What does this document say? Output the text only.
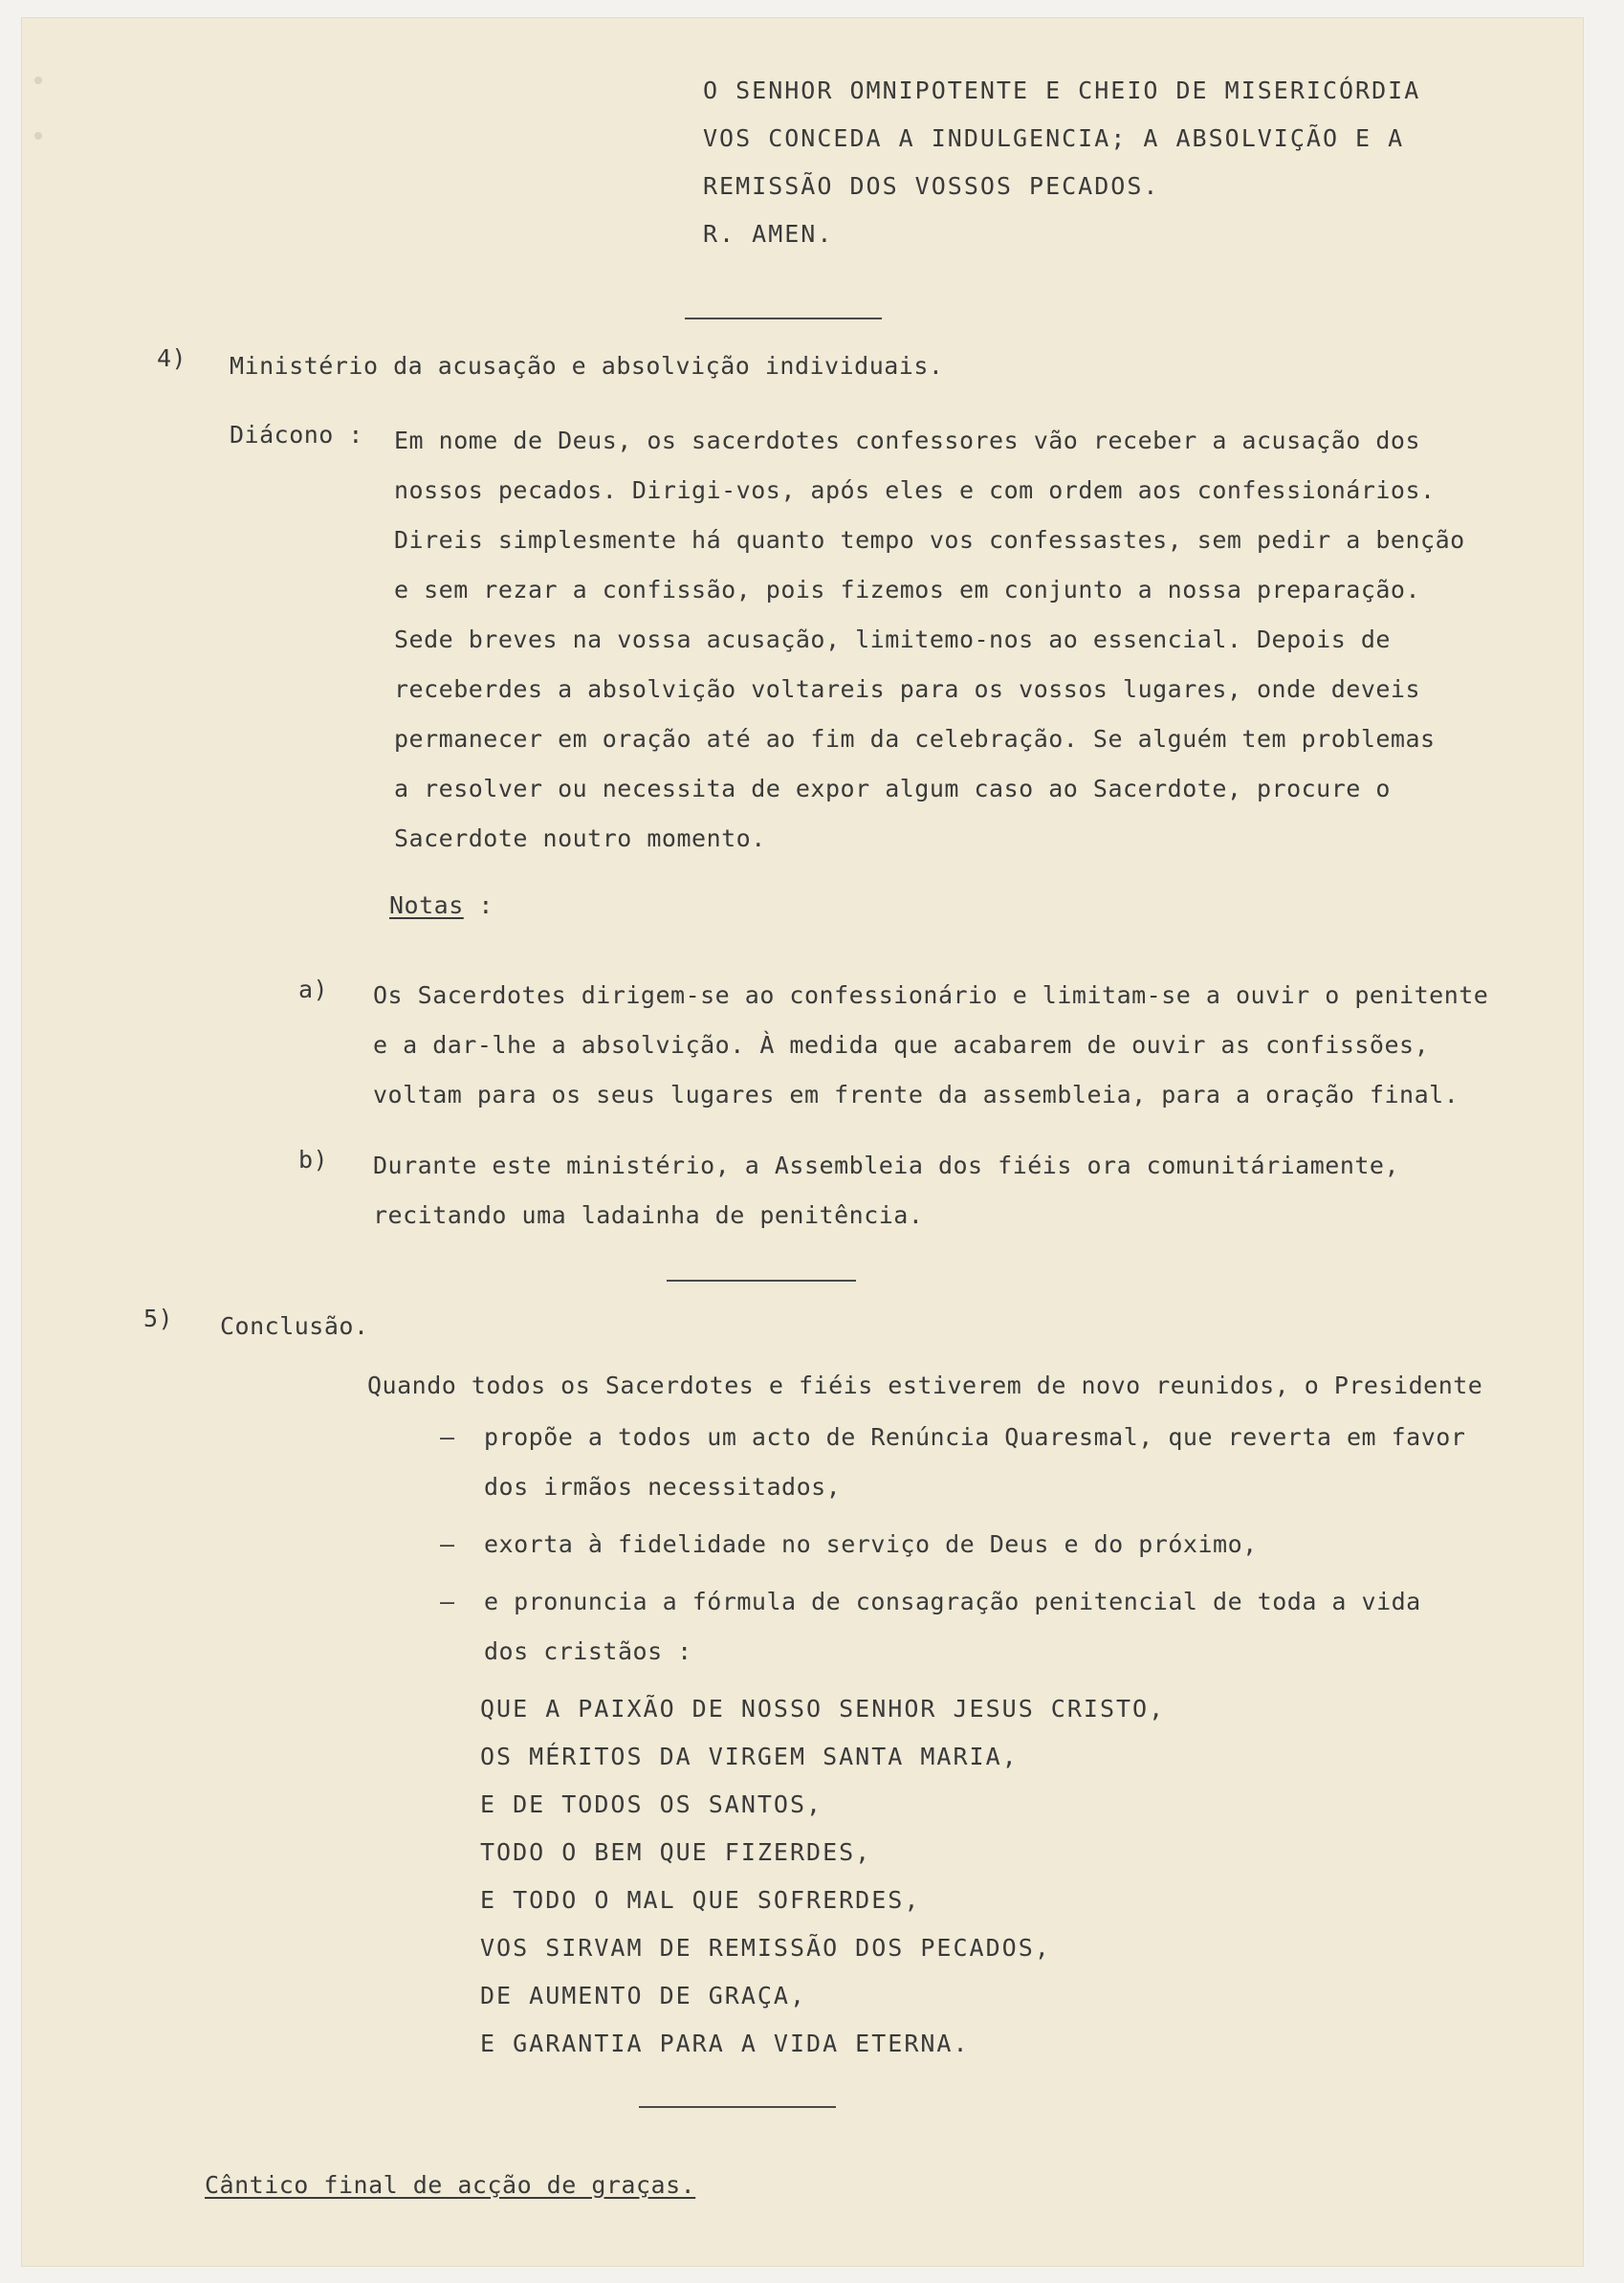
O SENHOR OMNIPOTENTE E CHEIO DE MISERICÓRDIA
VOS CONCEDA A INDULGENCIA; A ABSOLVIÇÃO E A
REMISSÃO DOS VOSSOS PECADOS.
R. AMEN.
4) Ministério da acusação e absolvição individuais.
Diácono : Em nome de Deus, os sacerdotes confessores vão receber a acusação dos
nossos pecados. Dirigi-vos, após eles e com ordem aos confessionários.
Direis simplesmente há quanto tempo vos confessastes, sem pedir a benção
e sem rezar a confissão, pois fizemos em conjunto a nossa preparação.
Sede breves na vossa acusação, limitemo-nos ao essencial. Depois de
receberdes a absolvição voltareis para os vossos lugares, onde deveis
permanecer em oração até ao fim da celebração. Se alguém tem problemas
a resolver ou necessita de expor algum caso ao Sacerdote, procure o
Sacerdote noutro momento.
Notas :
a) Os Sacerdotes dirigem-se ao confessionário e limitam-se a ouvir o penitente
e a dar-lhe a absolvição. À medida que acabarem de ouvir as confissões,
voltam para os seus lugares em frente da assembleia, para a oração final.
b) Durante este ministério, a Assembleia dos fiéis ora comunitáriamente,
recitando uma ladainha de penitência.
5) Conclusão.
Quando todos os Sacerdotes e fiéis estiverem de novo reunidos, o Presidente
– propõe a todos um acto de Renúncia Quaresmal, que reverta em favor
dos irmãos necessitados,
– exorta à fidelidade no serviço de Deus e do próximo,
– e pronuncia a fórmula de consagração penitencial de toda a vida
dos cristãos :
QUE A PAIXÃO DE NOSSO SENHOR JESUS CRISTO,
OS MÉRITOS DA VIRGEM SANTA MARIA,
E DE TODOS OS SANTOS,
TODO O BEM QUE FIZERDES,
E TODO O MAL QUE SOFRERDES,
VOS SIRVAM DE REMISSÃO DOS PECADOS,
DE AUMENTO DE GRAÇA,
E GARANTIA PARA A VIDA ETERNA.
Cântico final de acção de graças.
